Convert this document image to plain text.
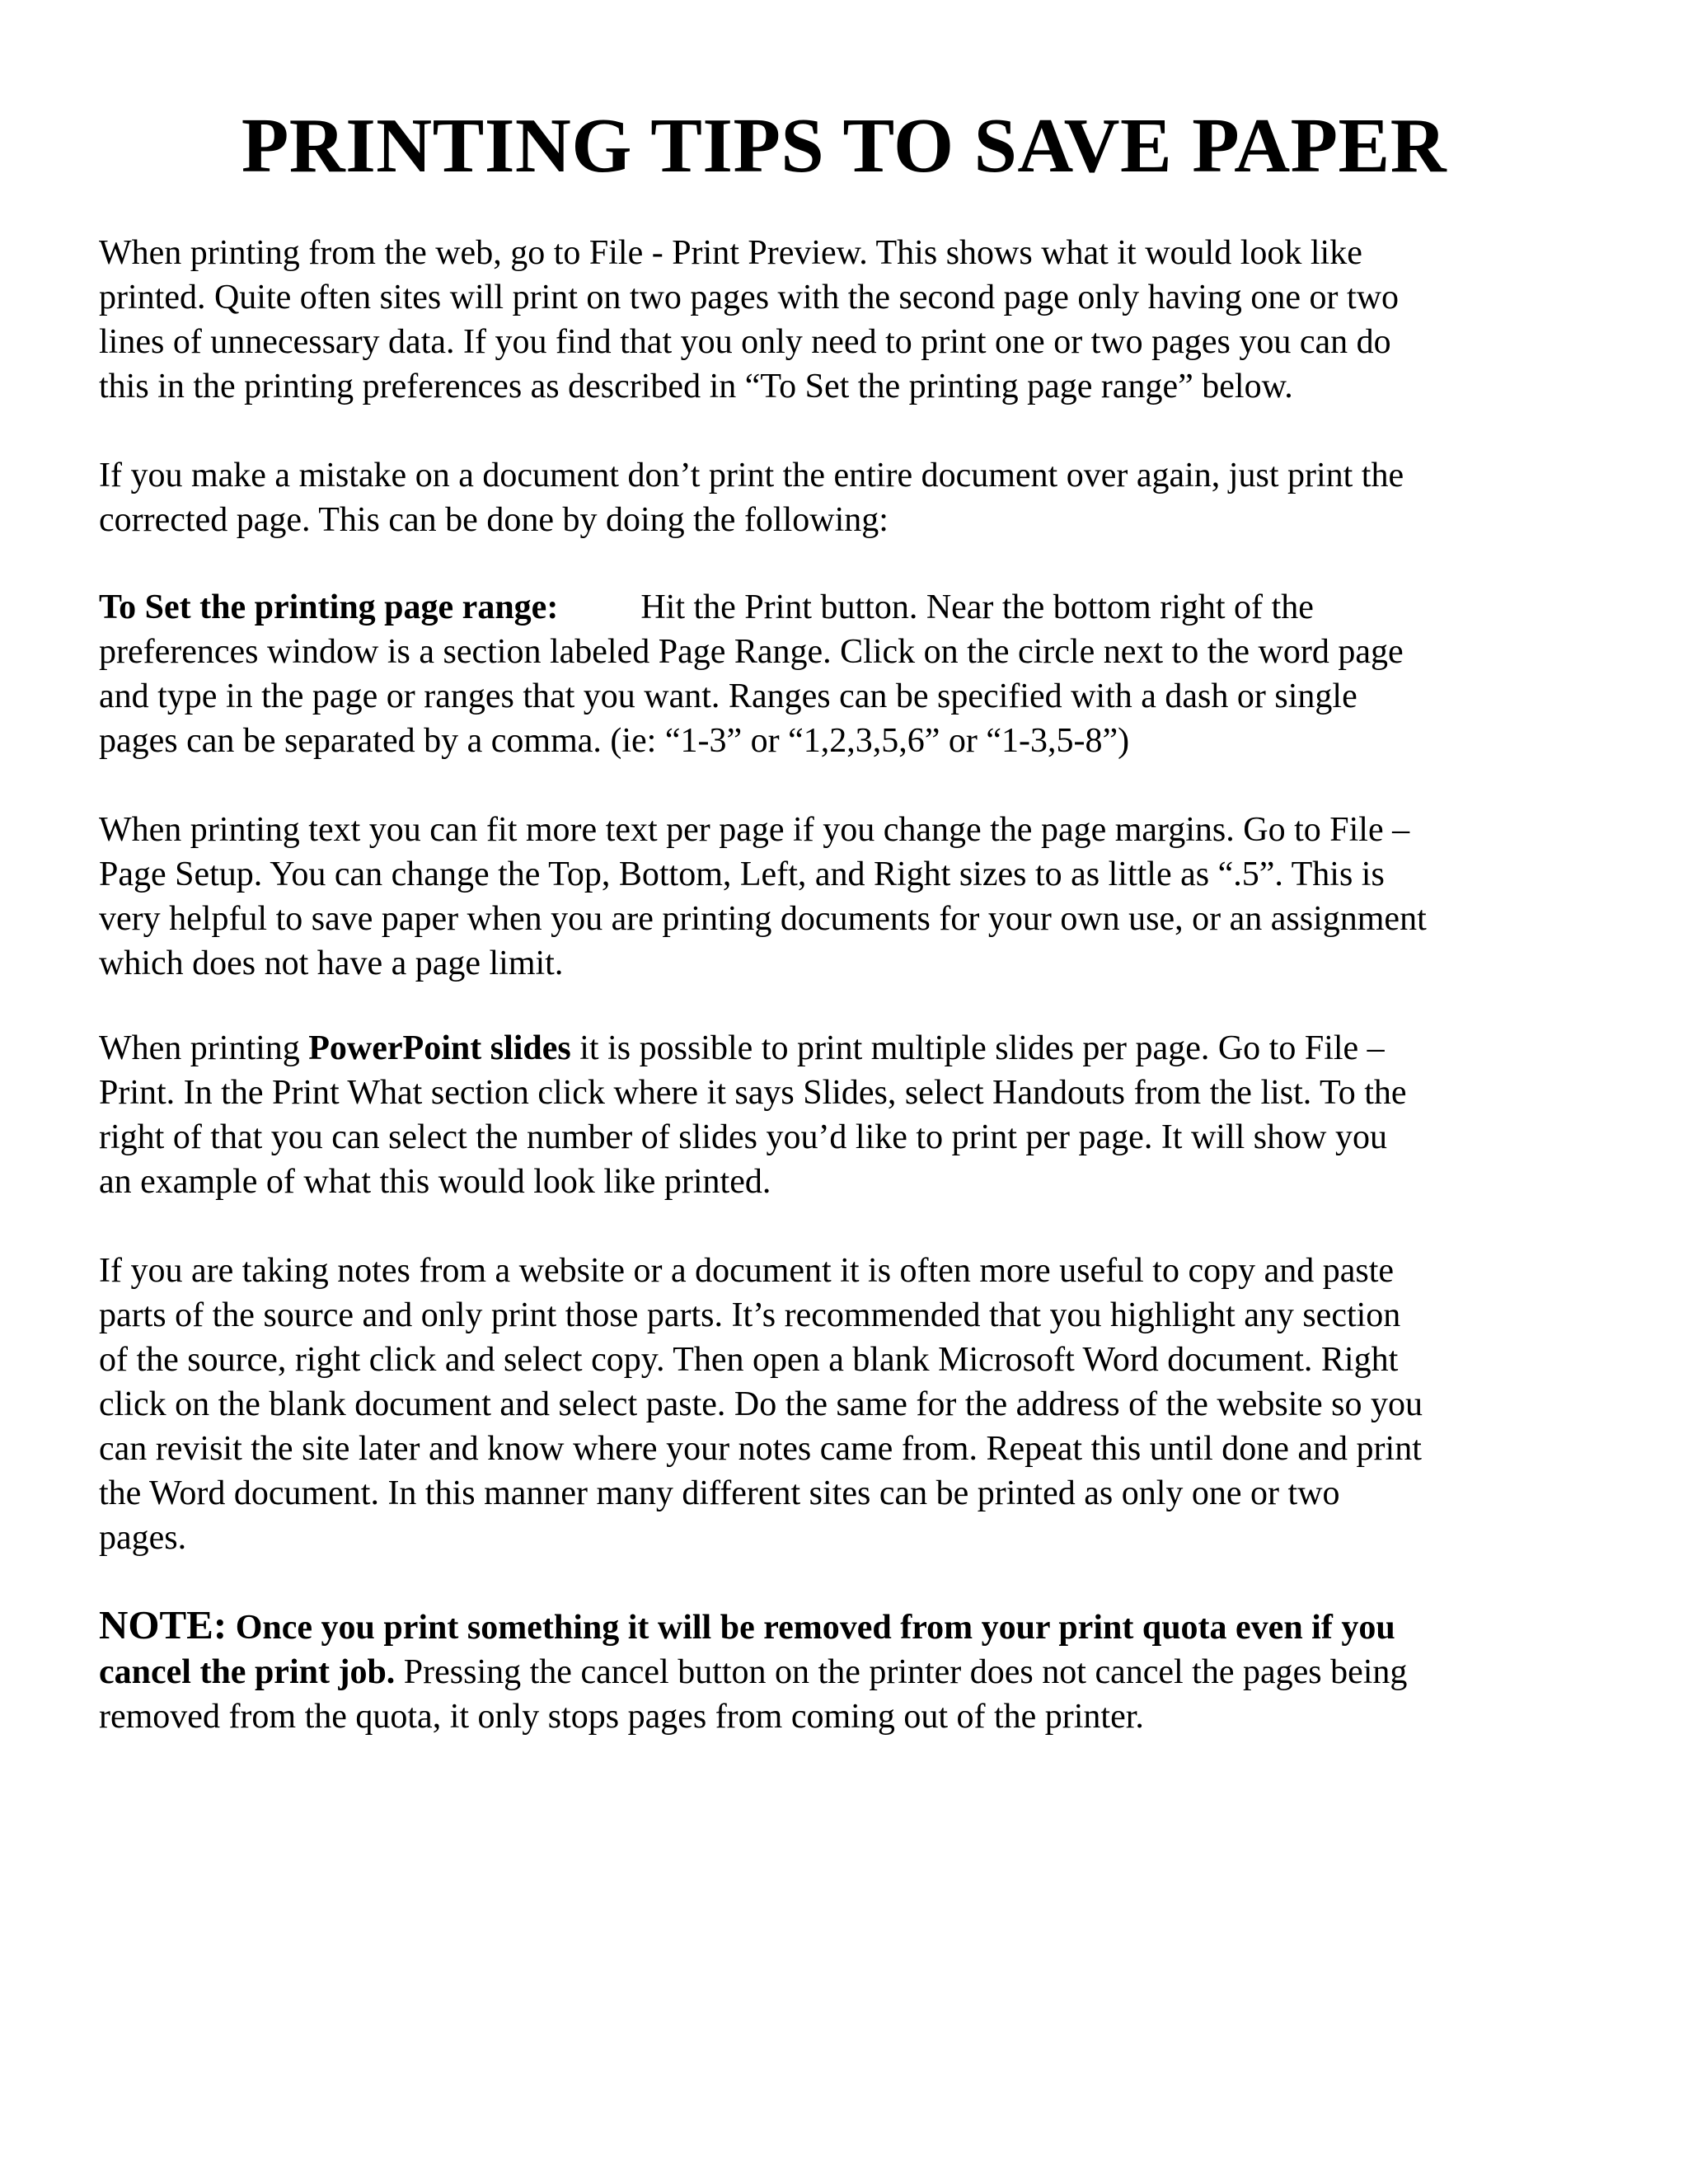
PRINTING TIPS TO SAVE PAPER
When printing from the web, go to File - Print Preview. This shows what it would look like
printed. Quite often sites will print on two pages with the second page only having one or two
lines of unnecessary data. If you find that you only need to print one or two pages you can do
this in the printing preferences as described in “To Set the printing page range” below.
If you make a mistake on a document don’t print the entire document over again, just print the
corrected page. This can be done by doing the following:
To Set the printing page range: Hit the Print button. Near the bottom right of the
preferences window is a section labeled Page Range. Click on the circle next to the word page
and type in the page or ranges that you want. Ranges can be specified with a dash or single
pages can be separated by a comma. (ie: “1-3” or “1,2,3,5,6” or “1-3,5-8”)
When printing text you can fit more text per page if you change the page margins. Go to File –
Page Setup. You can change the Top, Bottom, Left, and Right sizes to as little as “.5”. This is
very helpful to save paper when you are printing documents for your own use, or an assignment
which does not have a page limit.
When printing PowerPoint slides it is possible to print multiple slides per page. Go to File –
Print. In the Print What section click where it says Slides, select Handouts from the list. To the
right of that you can select the number of slides you’d like to print per page. It will show you
an example of what this would look like printed.
If you are taking notes from a website or a document it is often more useful to copy and paste
parts of the source and only print those parts. It’s recommended that you highlight any section
of the source, right click and select copy. Then open a blank Microsoft Word document. Right
click on the blank document and select paste. Do the same for the address of the website so you
can revisit the site later and know where your notes came from. Repeat this until done and print
the Word document. In this manner many different sites can be printed as only one or two
pages.
NOTE: Once you print something it will be removed from your print quota even if you
cancel the print job. Pressing the cancel button on the printer does not cancel the pages being
removed from the quota, it only stops pages from coming out of the printer.
